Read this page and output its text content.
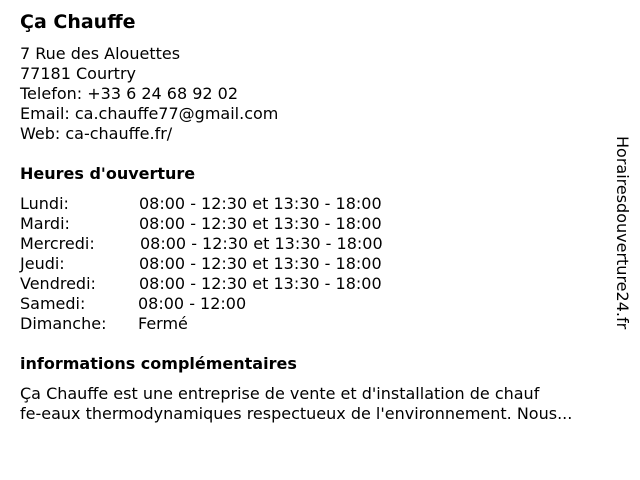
Ça Chauffe
7 Rue des Alouettes
77181 Courtry
Telefon: +33 6 24 68 92 02
Email: ca.chauffe77@gmail.com
Web: ca-chauffe.fr/
Heures d'ouverture
Lundi:	08:00 - 12:30 et 13:30 - 18:00
Mardi:	08:00 - 12:30 et 13:30 - 18:00
Mercredi:	08:00 - 12:30 et 13:30 - 18:00
Jeudi:	08:00 - 12:30 et 13:30 - 18:00
Vendredi:	08:00 - 12:30 et 13:30 - 18:00
Samedi:	08:00 - 12:00
Dimanche: Fermé
informations complémentaires
Ça Chauffe est une entreprise de vente et d'installation de chauf
fe-eaux thermodynamiques respectueux de l'environnement. Nous...
Horairesdouverture24.fr
